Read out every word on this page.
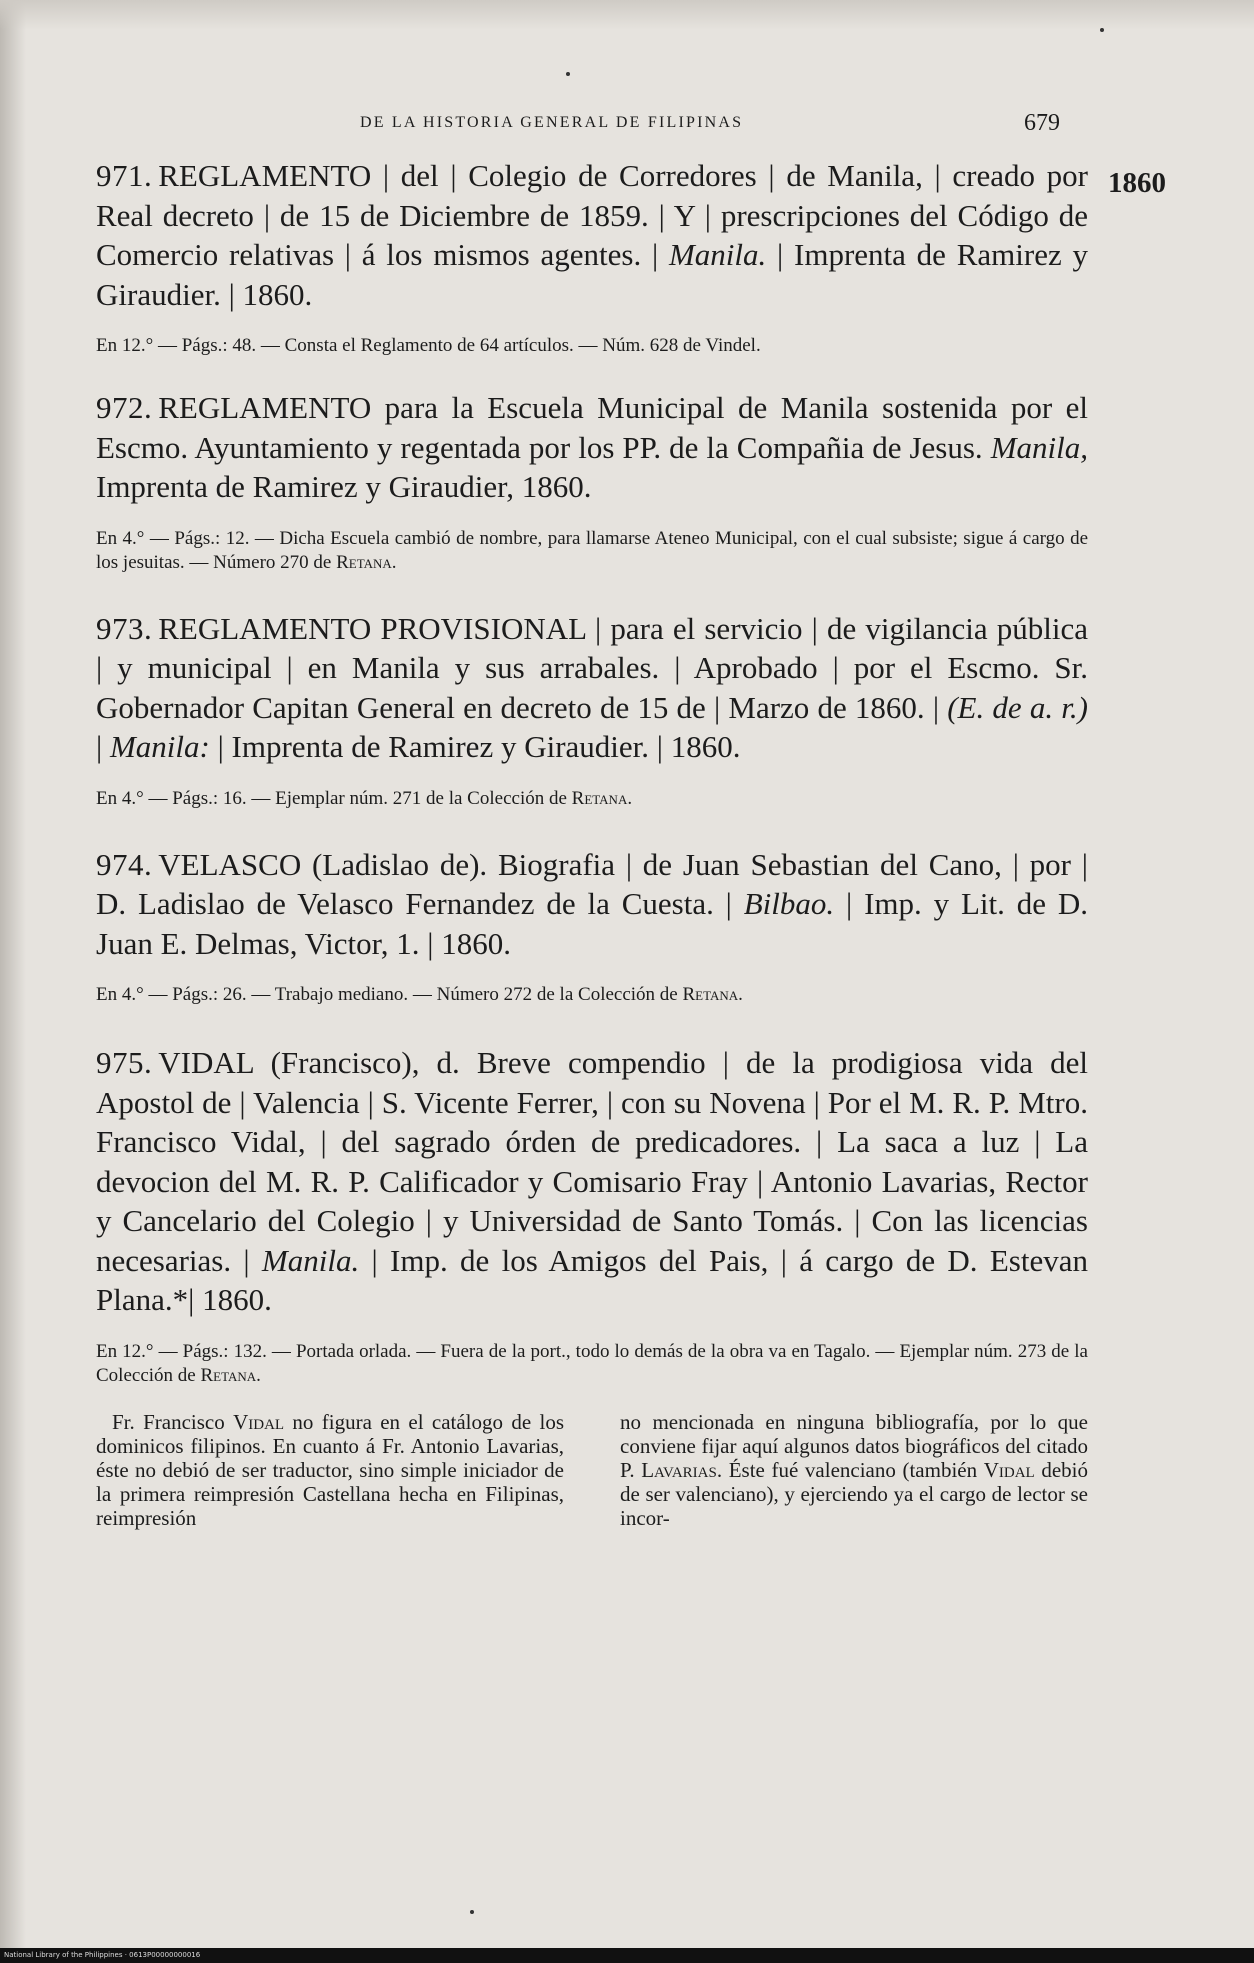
DE LA HISTORIA GENERAL DE FILIPINAS	679
1860

971. REGLAMENTO | del | Colegio de Corredores | de Manila, | creado por Real decreto | de 15 de Diciembre de 1859. | Y | prescripciones del Código de Comercio relativas | á los mismos agentes. | Manila. | Imprenta de Ramirez y Giraudier. | 1860.

En 12.° — Págs.: 48. — Consta el Reglamento de 64 artículos. — Núm. 628 de Vindel.

972. REGLAMENTO para la Escuela Municipal de Manila sostenida por el Escmo. Ayuntamiento y regentada por los PP. de la Compañia de Jesus. Manila, Imprenta de Ramirez y Giraudier, 1860.

En 4.° — Págs.: 12. — Dicha Escuela cambió de nombre, para llamarse Ateneo Municipal, con el cual subsiste; sigue á cargo de los jesuitas. — Número 270 de Retana.

973. REGLAMENTO PROVISIONAL | para el servicio | de vigilancia pública | y municipal | en Manila y sus arrabales. | Aprobado | por el Escmo. Sr. Gobernador Capitan General en decreto de 15 de | Marzo de 1860. | (E. de a. r.) | Manila: | Imprenta de Ramirez y Giraudier. | 1860.

En 4.° — Págs.: 16. — Ejemplar núm. 271 de la Colección de Retana.

974. VELASCO (Ladislao de). Biografia | de Juan Sebastian del Cano, | por | D. Ladislao de Velasco Fernandez de la Cuesta. | Bilbao. | Imp. y Lit. de D. Juan E. Delmas, Victor, 1. | 1860.

En 4.° — Págs.: 26. — Trabajo mediano. — Número 272 de la Colección de Retana.

975. VIDAL (Francisco), d. Breve compendio | de la prodigiosa vida del Apostol de | Valencia | S. Vicente Ferrer, | con su Novena | Por el M. R. P. Mtro. Francisco Vidal, | del sagrado órden de predicadores. | La saca a luz | La devocion del M. R. P. Calificador y Comisario Fray | Antonio Lavarias, Rector y Cancelario del Colegio | y Universidad de Santo Tomás. | Con las licencias necesarias. | Manila. | Imp. de los Amigos del Pais, | á cargo de D. Estevan Plana.*| 1860.

En 12.° — Págs.: 132. — Portada orlada. — Fuera de la port., todo lo demás de la obra va en Tagalo. — Ejemplar núm. 273 de la Colección de Retana.

Fr. Francisco Vidal no figura en el catálogo de los dominicos filipinos. En cuanto á Fr. Antonio Lavarias, éste no debió de ser traductor, sino simple iniciador de la primera reimpresión Castellana hecha en Filipinas, reimpresión

no mencionada en ninguna bibliografía, por lo que conviene fijar aquí algunos datos biográficos del citado P. Lavarias. Éste fué valenciano (también Vidal debió de ser valenciano), y ejerciendo ya el cargo de lector se incor-

National Library of the Philippines · 0613P00000000016
